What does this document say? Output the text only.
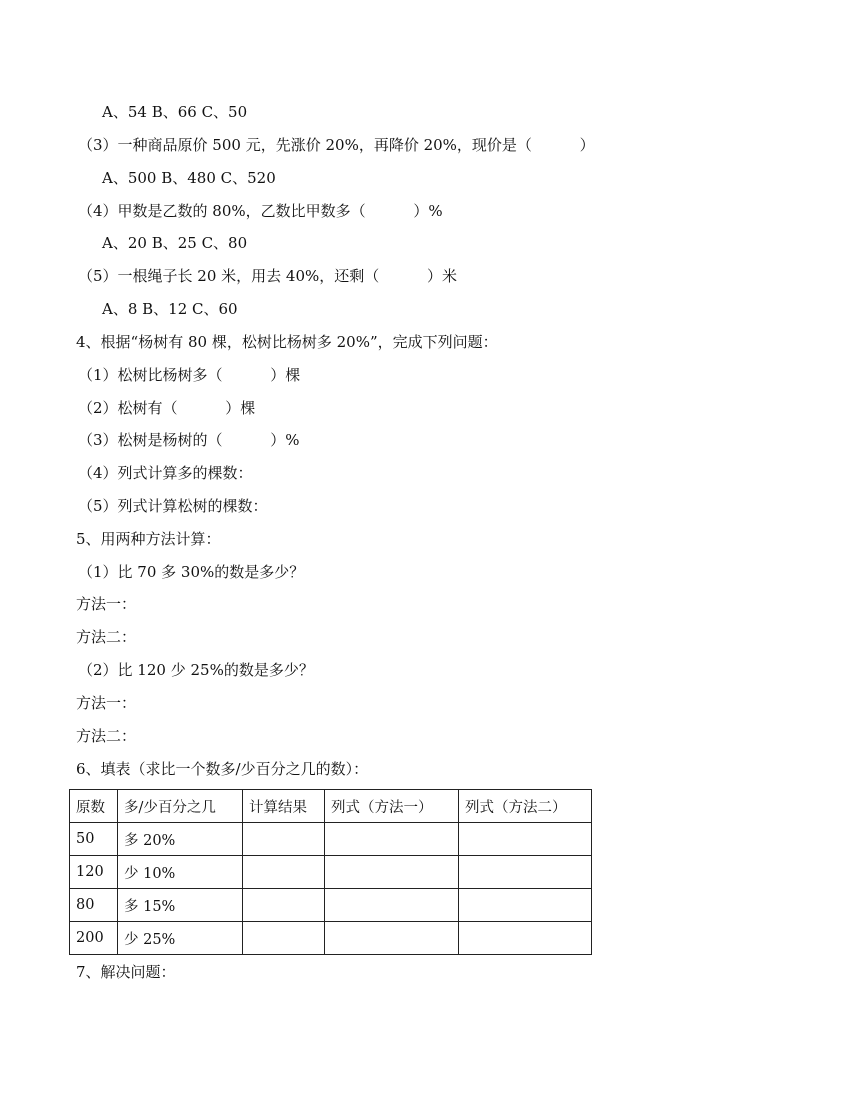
A、54 B、66 C、50
（3）一种商品原价 500 元，先涨价 20%，再降价 20%，现价是（          ）
A、500 B、480 C、520
（4）甲数是乙数的 80%，乙数比甲数多（          ）%
A、20 B、25 C、80
（5）一根绳子长 20 米，用去 40%，还剩（          ）米
A、8 B、12 C、60
4、根据“杨树有 80 棵，松树比杨树多 20%”，完成下列问题：
（1）松树比杨树多（          ）棵
（2）松树有（          ）棵
（3）松树是杨树的（          ）%
（4）列式计算多的棵数：
（5）列式计算松树的棵数：
5、用两种方法计算：
（1）比 70 多 30%的数是多少？
方法一：
方法二：
（2）比 120 少 25%的数是多少？
方法一：
方法二：
6、填表（求比一个数多/少百分之几的数）：
原数	多/少百分之几	计算结果	列式（方法一）	列式（方法二）
50	多 20%			
120	少 10%			
80	多 15%			
200	少 25%			
7、解决问题：
